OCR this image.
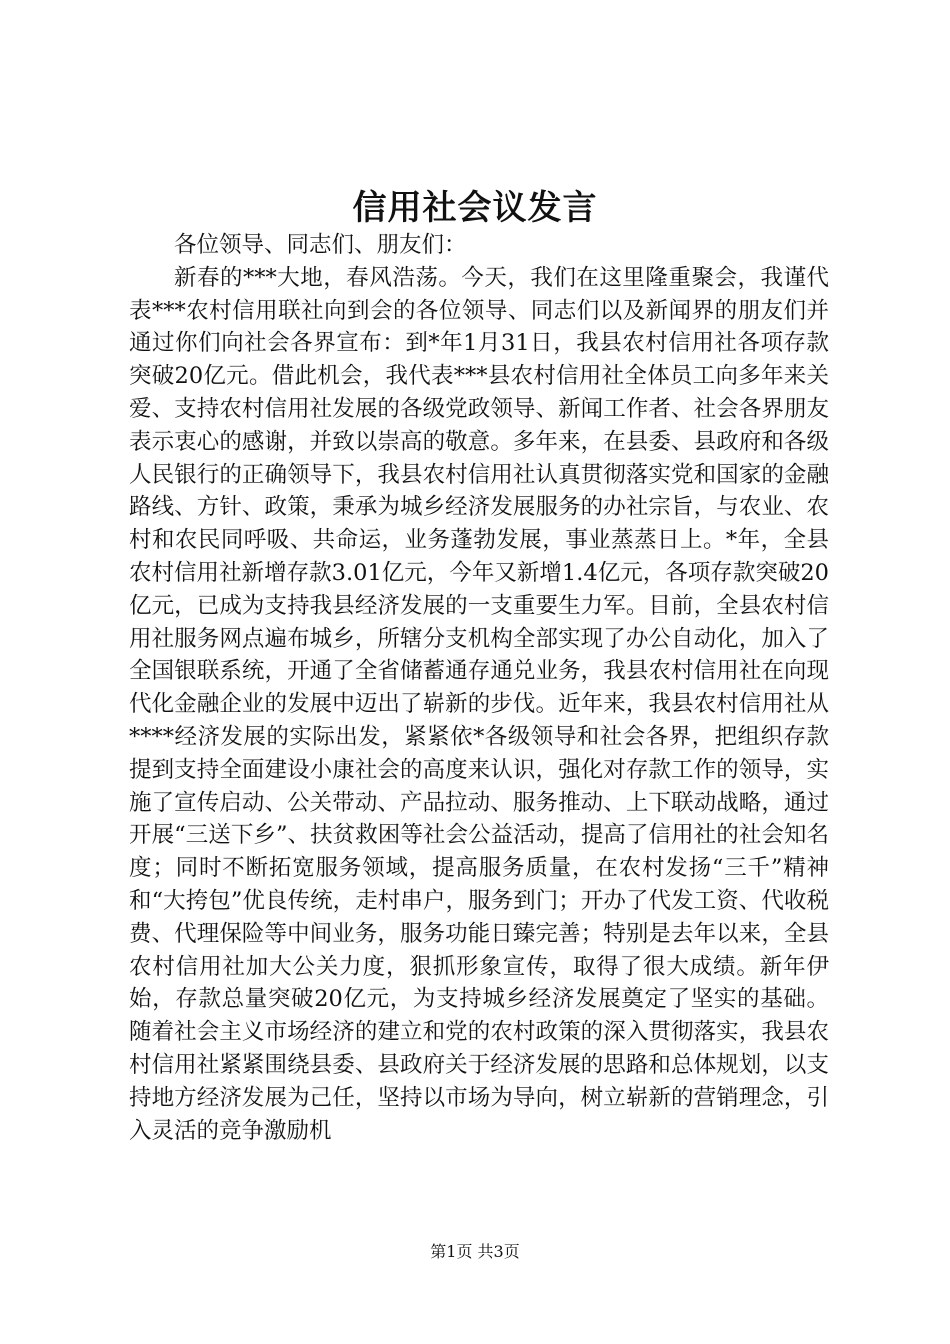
信用社会议发言

各位领导、同志们、朋友们：

新春的***大地，春风浩荡。今天，我们在这里隆重聚会，我谨代表***农村信用联社向到会的各位领导、同志们以及新闻界的朋友们并通过你们向社会各界宣布：到*年1月31日，我县农村信用社各项存款突破20亿元。借此机会，我代表***县农村信用社全体员工向多年来关爱、支持农村信用社发展的各级党政领导、新闻工作者、社会各界朋友表示衷心的感谢，并致以崇高的敬意。多年来，在县委、县政府和各级人民银行的正确领导下，我县农村信用社认真贯彻落实党和国家的金融路线、方针、政策，秉承为城乡经济发展服务的办社宗旨，与农业、农村和农民同呼吸、共命运，业务蓬勃发展，事业蒸蒸日上。*年，全县农村信用社新增存款3.01亿元，今年又新增1.4亿元，各项存款突破20亿元，已成为支持我县经济发展的一支重要生力军。目前，全县农村信用社服务网点遍布城乡，所辖分支机构全部实现了办公自动化，加入了全国银联系统，开通了全省储蓄通存通兑业务，我县农村信用社在向现代化金融企业的发展中迈出了崭新的步伐。近年来，我县农村信用社从****经济发展的实际出发，紧紧依*各级领导和社会各界，把组织存款提到支持全面建设小康社会的高度来认识，强化对存款工作的领导，实施了宣传启动、公关带动、产品拉动、服务推动、上下联动战略，通过开展“三送下乡”、扶贫救困等社会公益活动，提高了信用社的社会知名度；同时不断拓宽服务领域，提高服务质量，在农村发扬“三千”精神和“大挎包”优良传统，走村串户，服务到门；开办了代发工资、代收税费、代理保险等中间业务，服务功能日臻完善；特别是去年以来，全县农村信用社加大公关力度，狠抓形象宣传，取得了很大成绩。新年伊始，存款总量突破20亿元，为支持城乡经济发展奠定了坚实的基础。随着社会主义市场经济的建立和党的农村政策的深入贯彻落实，我县农村信用社紧紧围绕县委、县政府关于经济发展的思路和总体规划，以支持地方经济发展为己任，坚持以市场为导向，树立崭新的营销理念，引入灵活的竞争激励机

第1页 共3页
